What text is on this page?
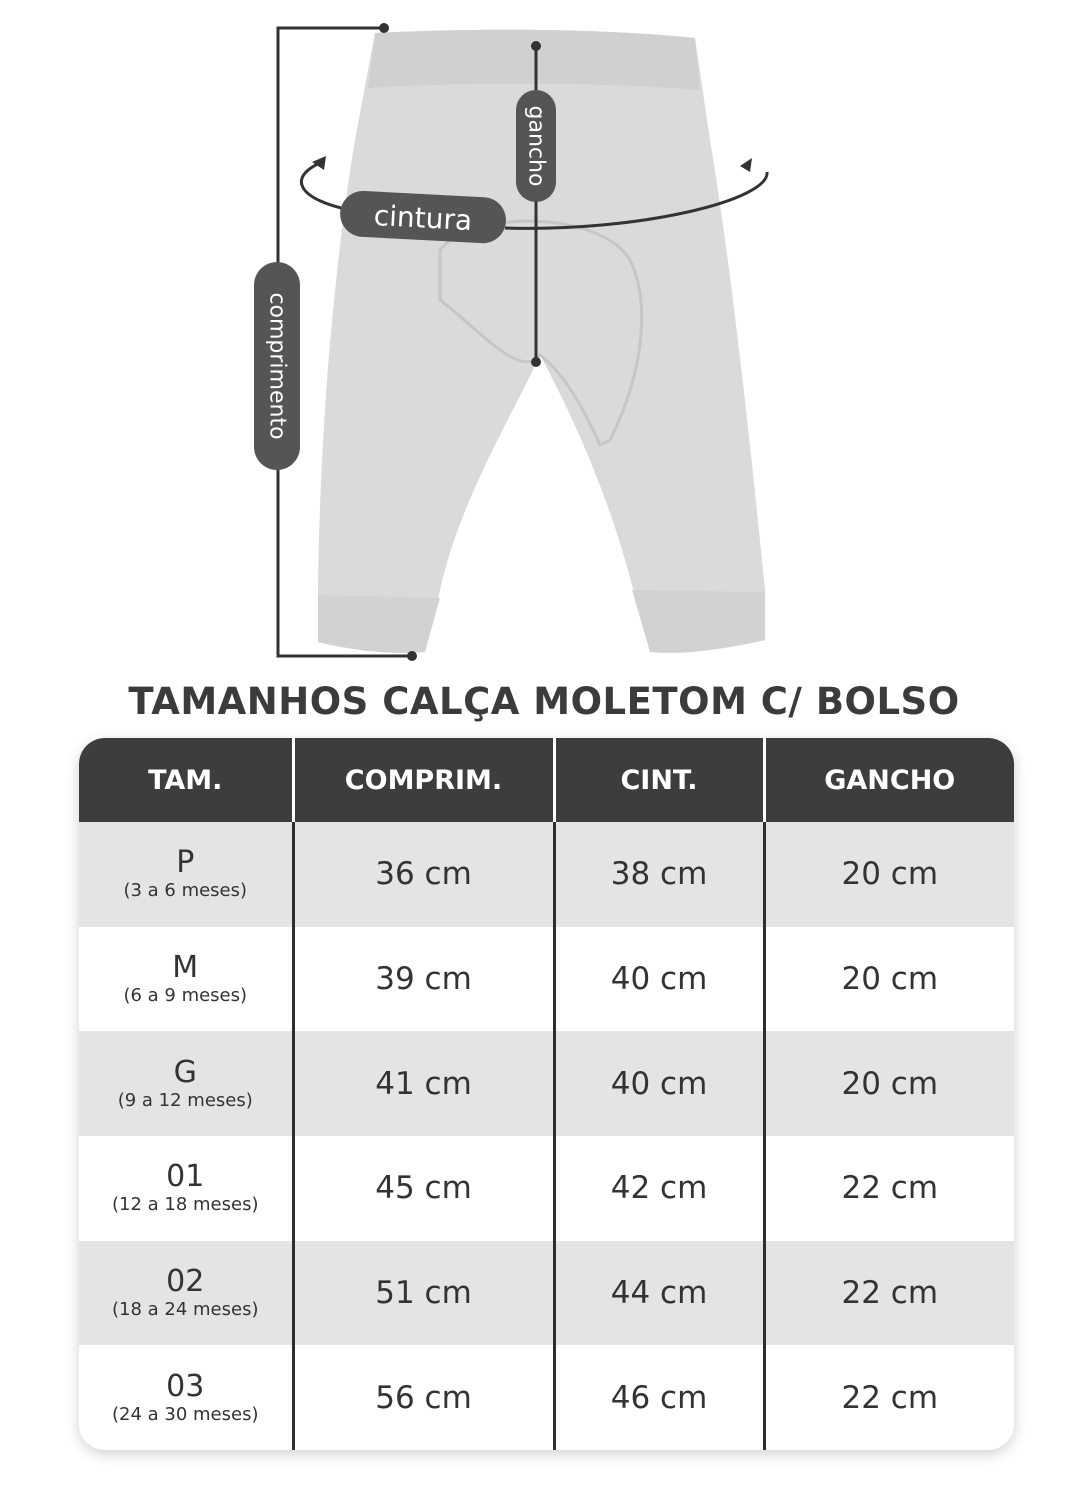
comprimento
cintura
gancho
TAMANHOS CALÇA MOLETOM C/ BOLSO
TAM.	COMPRIM.	CINT.	GANCHO

P
(3 a 6 meses)	36 cm	38 cm	20 cm

M
(6 a 9 meses)	39 cm	40 cm	20 cm

G
(9 a 12 meses)	41 cm	40 cm	20 cm

01
(12 a 18 meses)	45 cm	42 cm	22 cm

02
(18 a 24 meses)	51 cm	44 cm	22 cm

03
(24 a 30 meses)	56 cm	46 cm	22 cm
